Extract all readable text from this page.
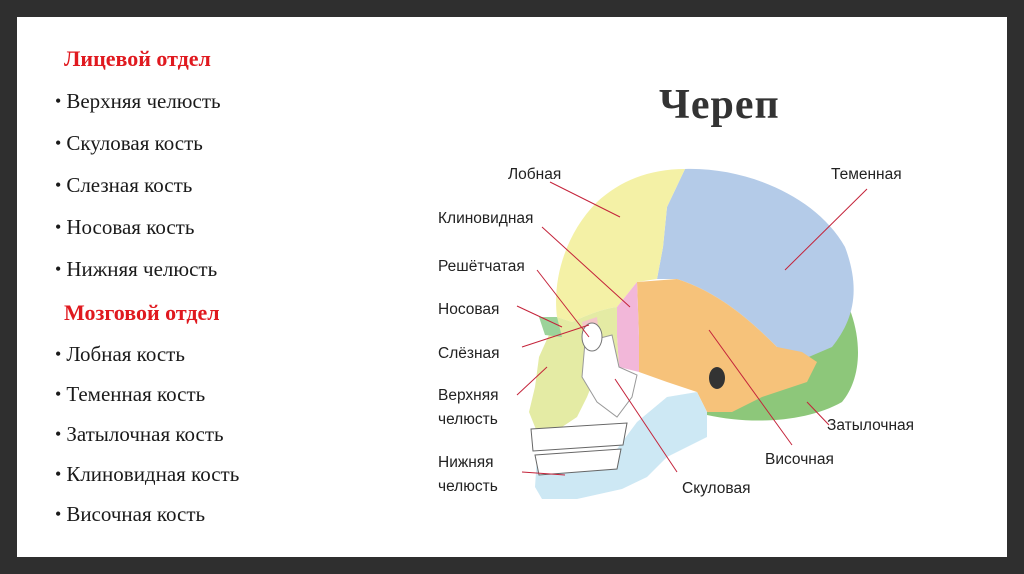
Лицевой отдел
• Верхняя челюсть
• Скуловая кость
• Слезная кость
• Носовая кость
• Нижняя челюсть
Мозговой отдел
• Лобная кость
• Теменная кость
• Затылочная кость
• Клиновидная кость
• Височная кость
Череп
Лобная
Клиновидная
Решётчатая
Носовая
Слёзная
Верхняя
челюсть
Нижняя
челюсть	Скуловая
Теменная
Затылочная
Височная
